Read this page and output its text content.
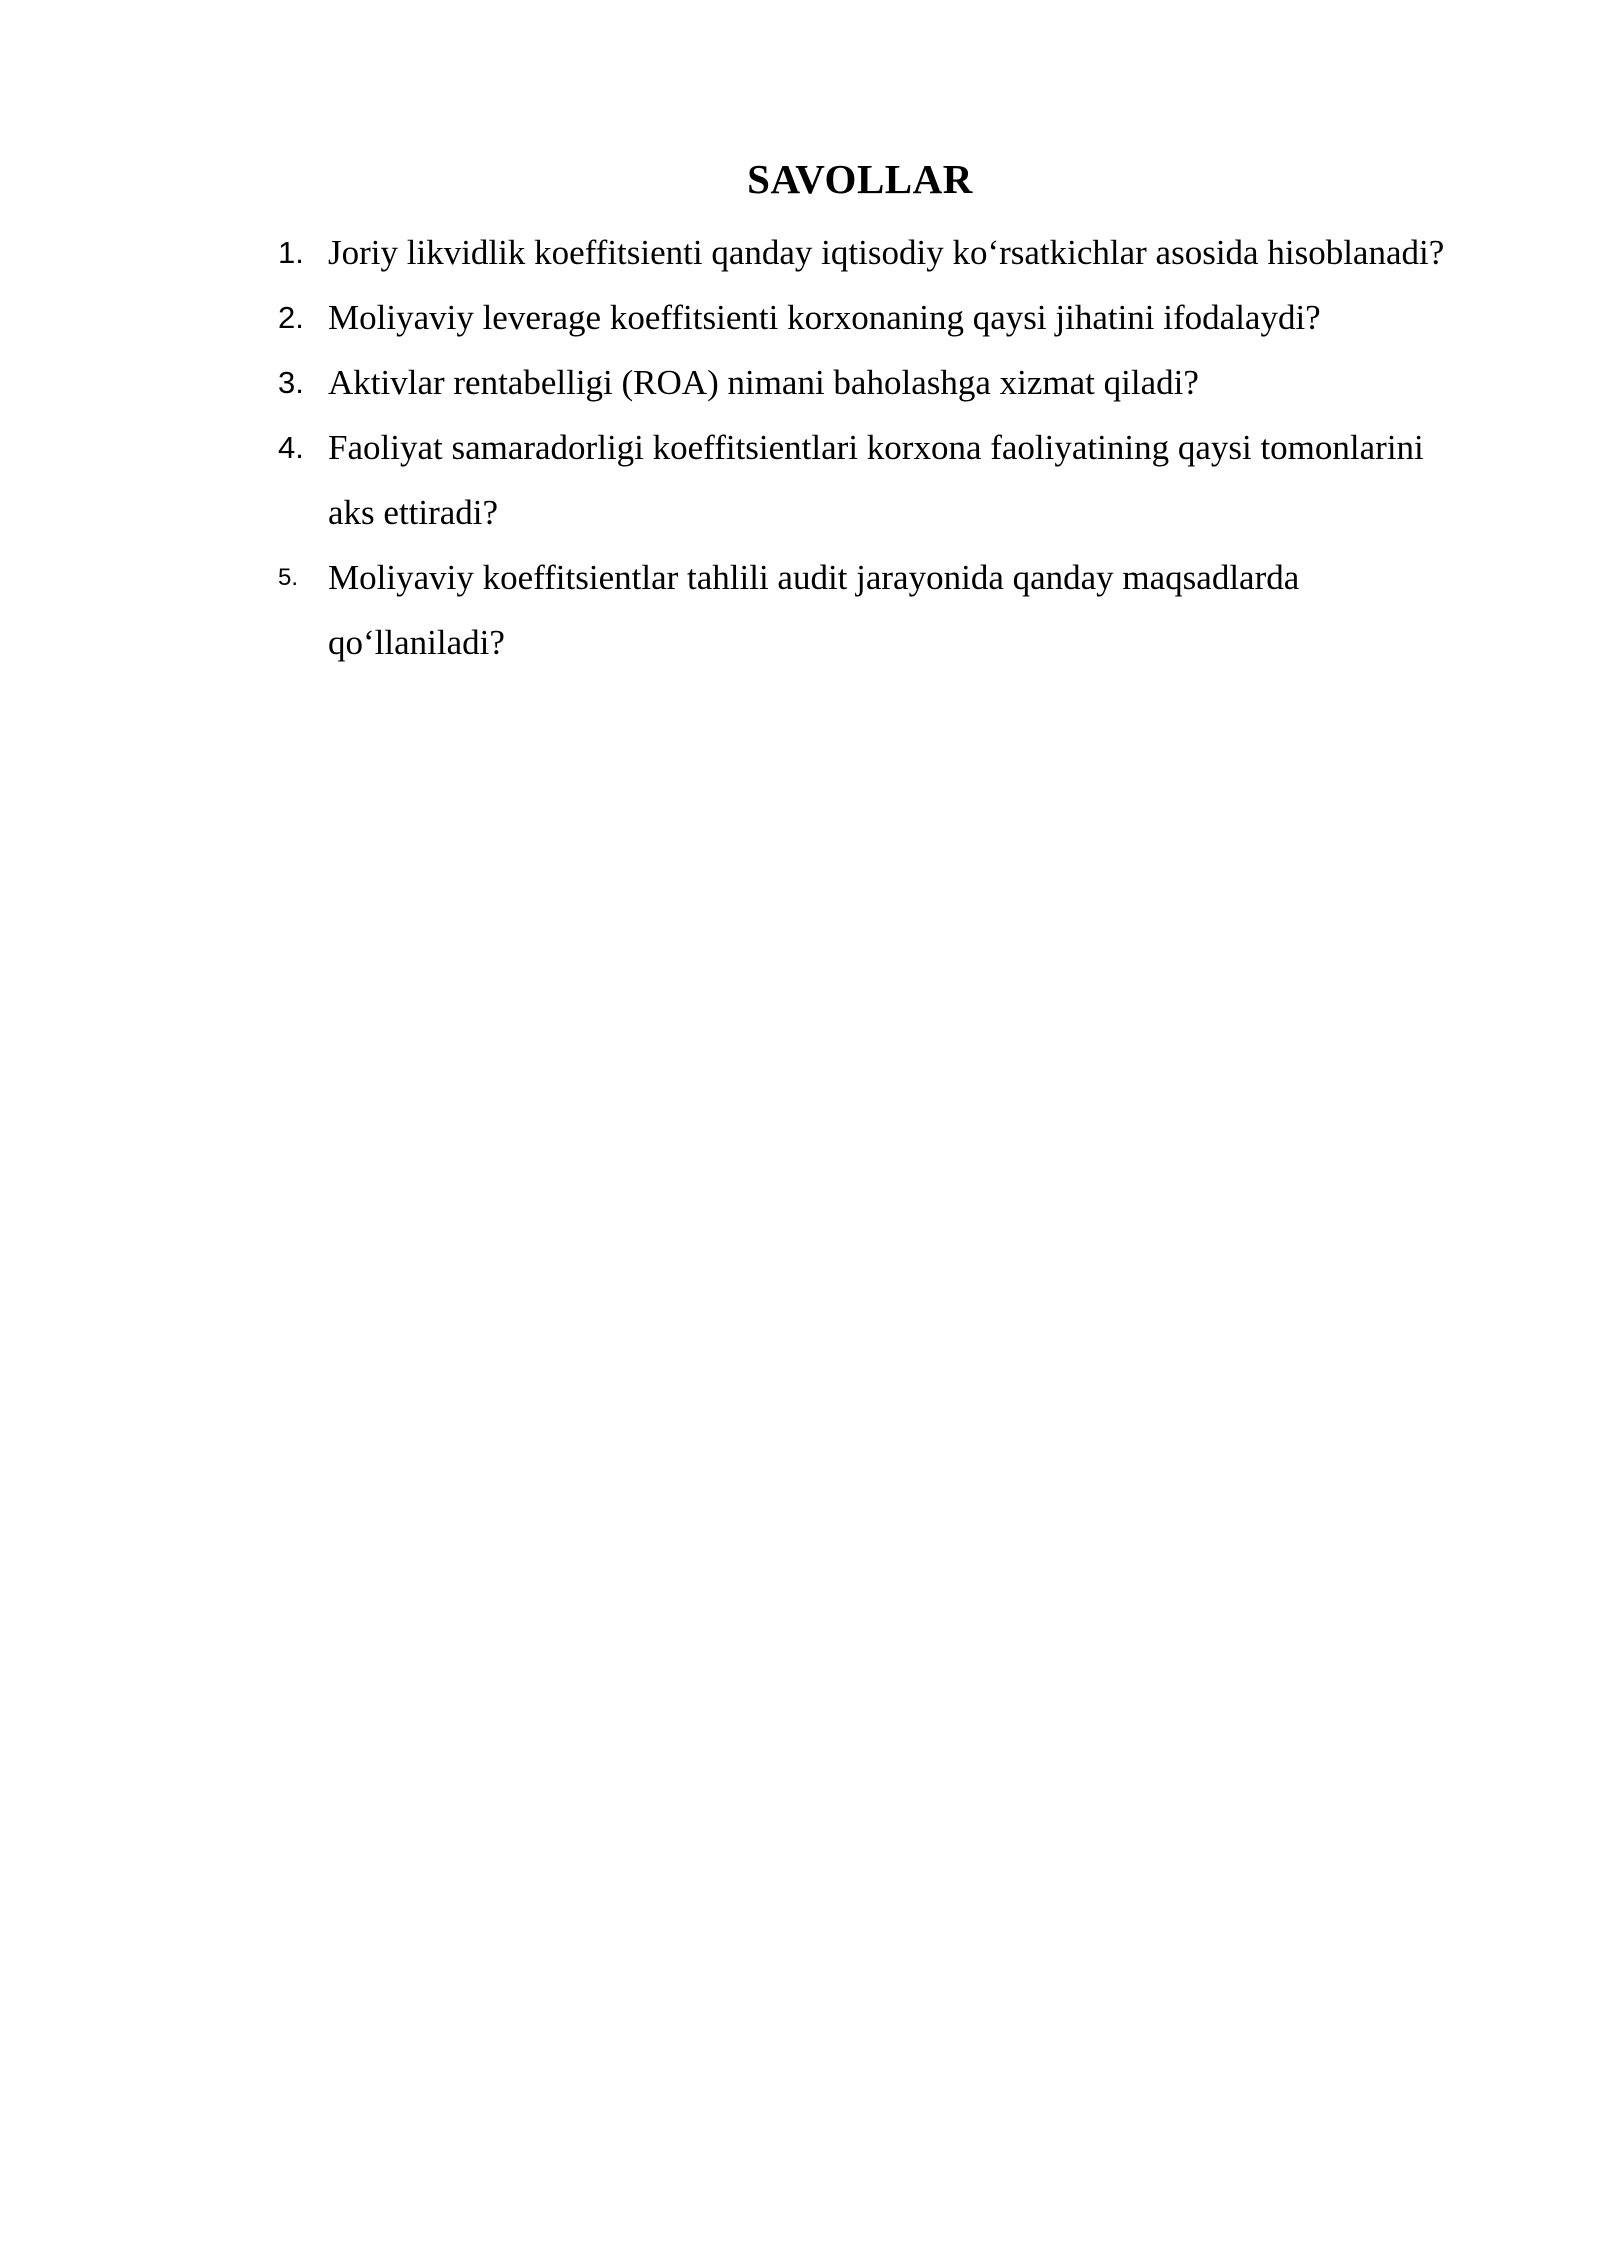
SAVOLLAR
1. Joriy likvidlik koeffitsienti qanday iqtisodiy ko‘rsatkichlar asosida hisoblanadi?
2. Moliyaviy leverage koeffitsienti korxonaning qaysi jihatini ifodalaydi?
3. Aktivlar rentabelligi (ROA) nimani baholashga xizmat qiladi?
4. Faoliyat samaradorligi koeffitsientlari korxona faoliyatining qaysi tomonlarini aks ettiradi?
5. Moliyaviy koeffitsientlar tahlili audit jarayonida qanday maqsadlarda qo‘llaniladi?
